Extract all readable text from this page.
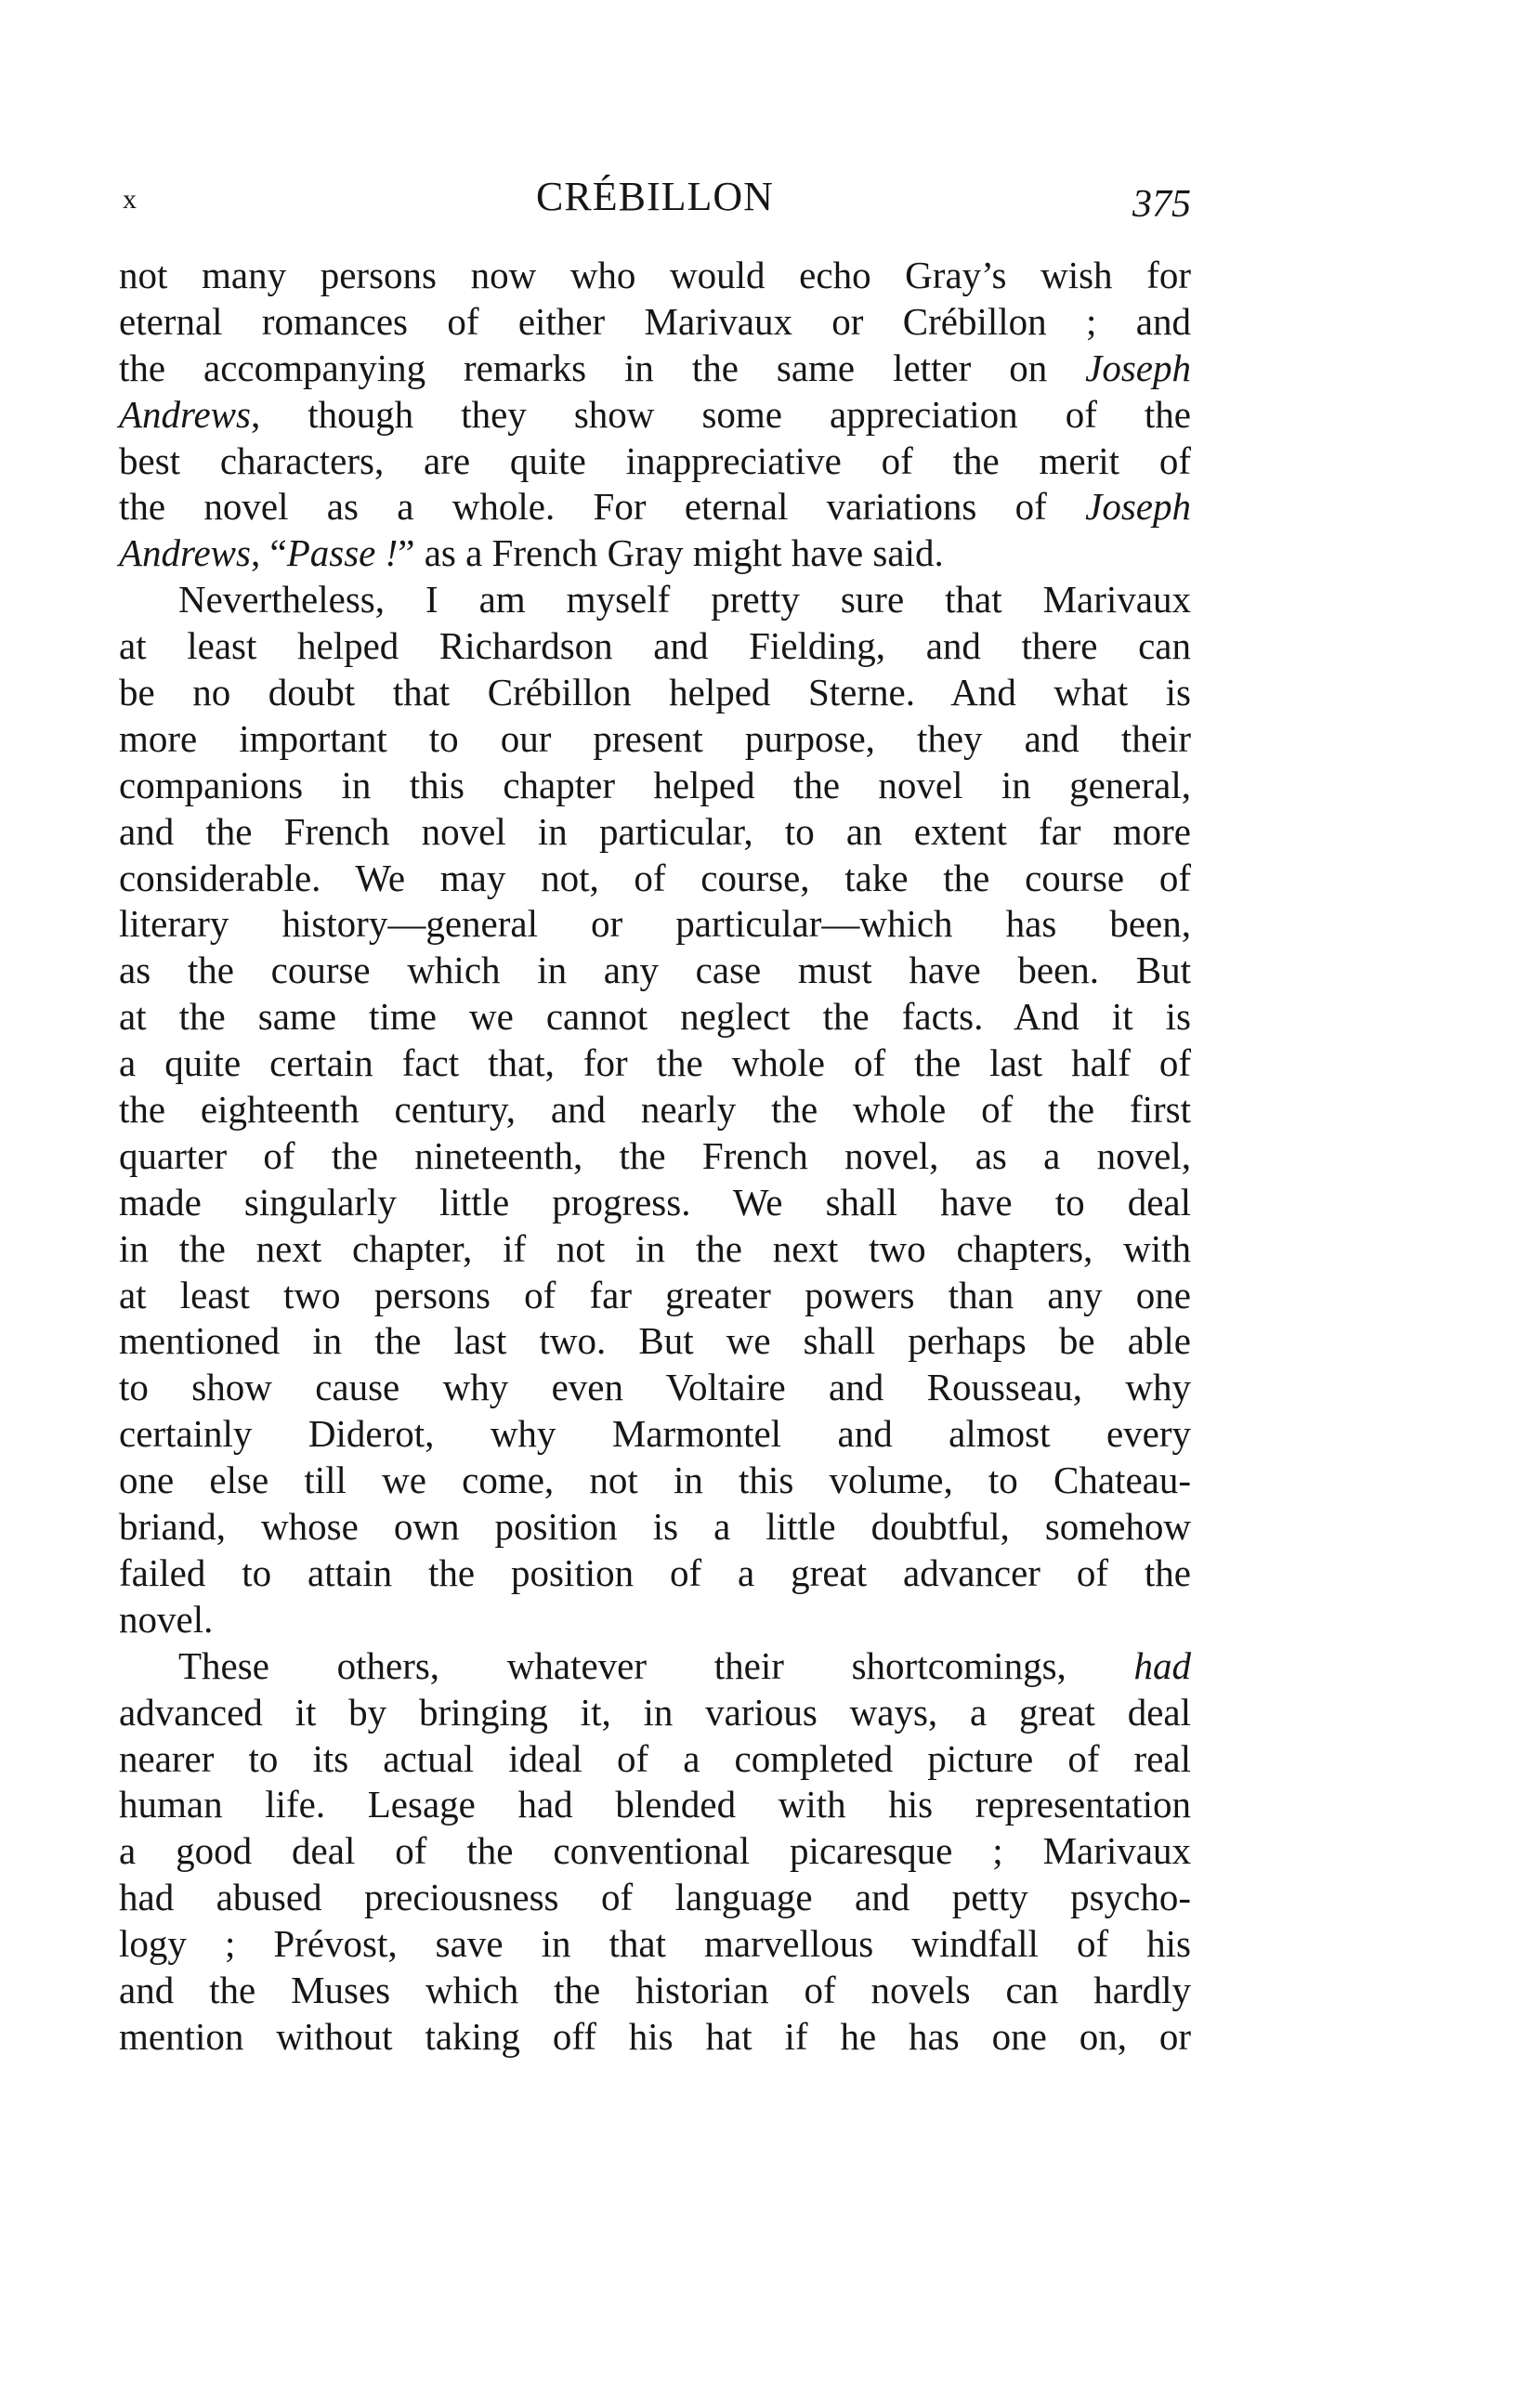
x	CRÉBILLON	375
not many persons now who would echo Gray’s wish for
eternal romances of either Marivaux or Crébillon ; and
the accompanying remarks in the same letter on Joseph
Andrews, though they show some appreciation of the
best characters, are quite inappreciative of the merit of
the novel as a whole. For eternal variations of Joseph
Andrews, “Passe !” as a French Gray might have said.
Nevertheless, I am myself pretty sure that Marivaux
at least helped Richardson and Fielding, and there can
be no doubt that Crébillon helped Sterne. And what is
more important to our present purpose, they and their
companions in this chapter helped the novel in general,
and the French novel in particular, to an extent far more
considerable. We may not, of course, take the course of
literary history—general or particular—which has been,
as the course which in any case must have been. But
at the same time we cannot neglect the facts. And it is
a quite certain fact that, for the whole of the last half of
the eighteenth century, and nearly the whole of the first
quarter of the nineteenth, the French novel, as a novel,
made singularly little progress. We shall have to deal
in the next chapter, if not in the next two chapters, with
at least two persons of far greater powers than any one
mentioned in the last two. But we shall perhaps be able
to show cause why even Voltaire and Rousseau, why
certainly Diderot, why Marmontel and almost every
one else till we come, not in this volume, to Chateau-
briand, whose own position is a little doubtful, somehow
failed to attain the position of a great advancer of the
novel.
These others, whatever their shortcomings, had
advanced it by bringing it, in various ways, a great deal
nearer to its actual ideal of a completed picture of real
human life. Lesage had blended with his representation
a good deal of the conventional picaresque ; Marivaux
had abused preciousness of language and petty psycho-
logy ; Prévost, save in that marvellous windfall of his
and the Muses which the historian of novels can hardly
mention without taking off his hat if he has one on, or
